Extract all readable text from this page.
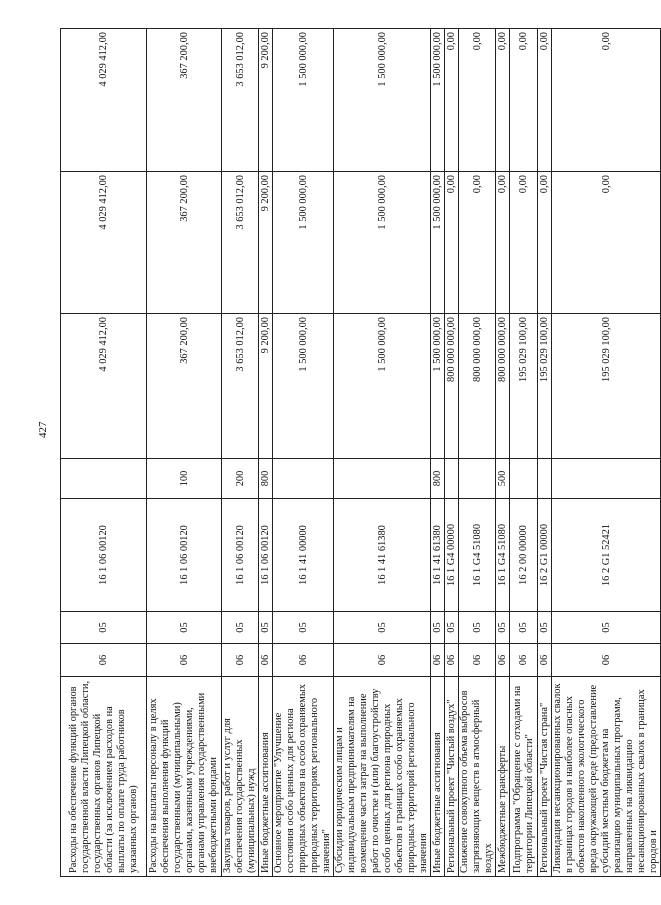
427
Расходы на обеспечение функций органов государственной власти Липецкой области, государственных органов Липецкой области (за исключением расходов на выплаты по оплате труда работников указанных органов)	06	05	16 1 06 00120		4 029 412,00	4 029 412,00	4 029 412,00
Расходы на выплаты персоналу в целях обеспечения выполнения функций государственными (муниципальными) органами, казенными учреждениями, органами управления государственными внебюджетными фондами	06	05	16 1 06 00120	100	367 200,00	367 200,00	367 200,00
Закупка товаров, работ и услуг для обеспечения государственных (муниципальных) нужд	06	05	16 1 06 00120	200	3 653 012,00	3 653 012,00	3 653 012,00
Иные бюджетные ассигнования	06	05	16 1 06 00120	800	9 200,00	9 200,00	9 200,00
Основное мероприятие "Улучшение состояния особо ценных для региона природных объектов на особо охраняемых природных территориях регионального значения"	06	05	16 1 41 00000		1 500 000,00	1 500 000,00	1 500 000,00
Субсидии юридическим лицам и индивидуальным предпринимателям на возмещение части затрат на выполнение работ по очистке и (или) благоустройству особо ценных для региона природных объектов в границах особо охраняемых природных территорий регионального значения	06	05	16 1 41 61380		1 500 000,00	1 500 000,00	1 500 000,00
Иные бюджетные ассигнования	06	05	16 1 41 61380	800	1 500 000,00	1 500 000,00	1 500 000,00
Региональный проект "Чистый воздух"	06	05	16 1 G4 00000		800 000 000,00	0,00	0,00
Снижение совокупного объема выбросов загрязняющих веществ в атмосферный воздух	06	05	16 1 G4 51080		800 000 000,00	0,00	0,00
Межбюджетные трансферты	06	05	16 1 G4 51080	500	800 000 000,00	0,00	0,00
Подпрограмма "Обращение с отходами на территории Липецкой области"	06	05	16 2 00 00000		195 029 100,00	0,00	0,00
Региональный проект "Чистая страна"	06	05	16 2 G1 00000		195 029 100,00	0,00	0,00
Ликвидация несанкционированных свалок в границах городов и наиболее опасных объектов накопленного экологического вреда окружающей среде (предоставление субсидий местным бюджетам на реализацию муниципальных программ, направленных на ликвидацию несанкционированных свалок в границах городов и	06	05	16 2 G1 52421		195 029 100,00	0,00	0,00
